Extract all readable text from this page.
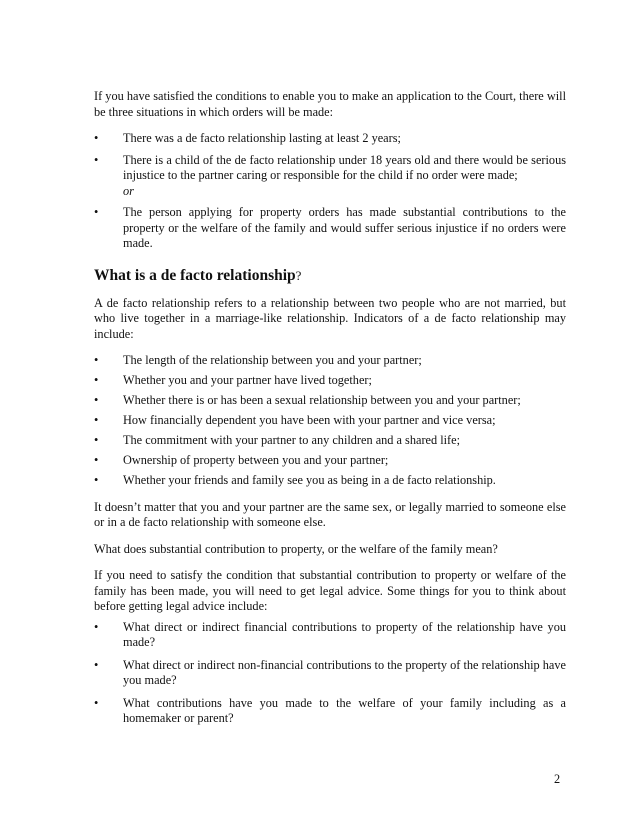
If you have satisfied the conditions to enable you to make an application to the Court, there will be three situations in which orders will be made:

• There was a de facto relationship lasting at least 2 years;
• There is a child of the de facto relationship under 18 years old and there would be serious injustice to the partner caring or responsible for the child if no order were made;
or
• The person applying for property orders has made substantial contributions to the property or the welfare of the family and would suffer serious injustice if no orders were made.
What is a de facto relationship?

A de facto relationship refers to a relationship between two people who are not married, but who live together in a marriage-like relationship. Indicators of a de facto relationship may include:

• The length of the relationship between you and your partner;
• Whether you and your partner have lived together;
• Whether there is or has been a sexual relationship between you and your partner;
• How financially dependent you have been with your partner and vice versa;
• The commitment with your partner to any children and a shared life;
• Ownership of property between you and your partner;
• Whether your friends and family see you as being in a de facto relationship.

It doesn’t matter that you and your partner are the same sex, or legally married to someone else or in a de facto relationship with someone else.

What does substantial contribution to property, or the welfare of the family mean?

If you need to satisfy the condition that substantial contribution to property or welfare of the family has been made, you will need to get legal advice. Some things for you to think about before getting legal advice include:

• What direct or indirect financial contributions to property of the relationship have you made?
• What direct or indirect non-financial contributions to the property of the relationship have you made?
• What contributions have you made to the welfare of your family including as a homemaker or parent?
2
